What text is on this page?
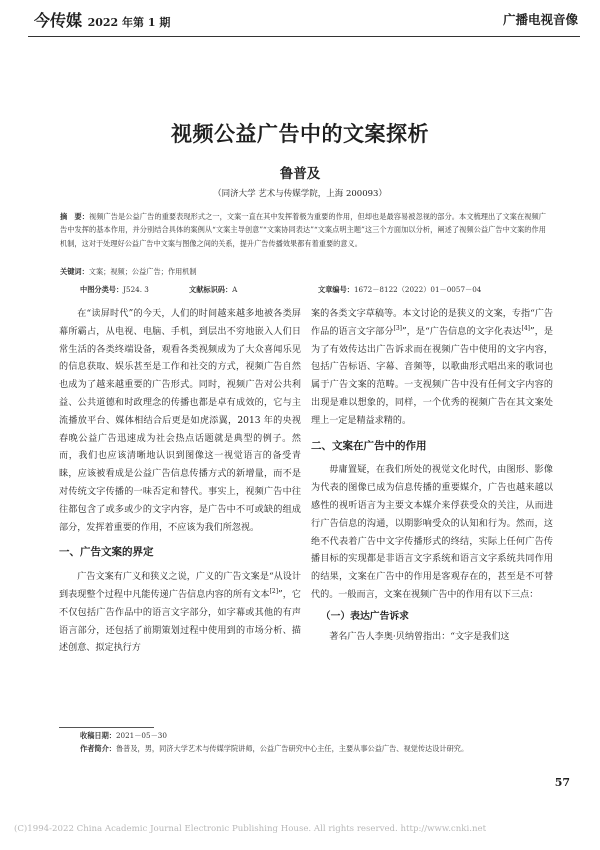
今传媒 2022 年第 1 期	广播电视音像
视频公益广告中的文案探析
鲁普及
（同济大学 艺术与传媒学院，上海 200093）
摘　要：视频广告是公益广告的重要表现形式之一，文案一直在其中发挥着极为重要的作用，但却也是最容易被忽视的部分。本文梳理出了文案在视频广告中发挥的基本作用，并分别结合具体的案例从“文案主导创意”“文案协同表达”“文案点明主题”这三个方面加以分析，阐述了视频公益广告中文案的作用机制，这对于处理好公益广告中文案与图像之间的关系，提升广告传播效果都有着重要的意义。
关键词：文案；视频；公益广告；作用机制
中图分类号：J524. 3	文献标识码：A	文章编号：1672－8122（2022）01－0057－04

在“读屏时代”的今天，人们的时间越来越多地被各类屏幕所霸占，从电视、电脑、手机，到层出不穷地嵌入人们日常生活的各类终端设备，观看各类视频成为了大众喜闻乐见的信息获取、娱乐甚至是工作和社交的方式，视频广告自然也成为了越来越重要的广告形式。同时，视频广告对公共利益、公共道德和时政理念的传播也都是卓有成效的，它与主流播放平台、媒体相结合后更是如虎添翼，2013 年的央视春晚公益广告迅速成为社会热点话题就是典型的例子。然而，我们也应该清晰地认识到图像这一视觉语言的备受青睐，应该被看成是公益广告信息传播方式的新增量，而不是对传统文字传播的一味否定和替代。事实上，视频广告中往往都包含了或多或少的文字内容，是广告中不可或缺的组成部分，发挥着重要的作用，不应该为我们所忽视。

一、广告文案的界定

广告文案有广义和狭义之说，广义的广告文案是“从设计到表现整个过程中凡能传递广告信息内容的所有文本[2]”，它不仅包括广告作品中的语言文字部分，如字幕或其他的有声语言部分，还包括了前期策划过程中使用到的市场分析、描述创意、拟定执行方

案的各类文字草稿等。本文讨论的是狭义的文案，专指“广告作品的语言文字部分[3]”，是“广告信息的文字化表达[4]”，是为了有效传达出广告诉求而在视频广告中使用的文字内容，包括广告标语、字幕、音频等，以歌曲形式唱出来的歌词也属于广告文案的范畴。一支视频广告中没有任何文字内容的出现是难以想象的，同样，一个优秀的视频广告在其文案处理上一定是精益求精的。

二、文案在广告中的作用

毋庸置疑，在我们所处的视觉文化时代，由图形、影像为代表的图像已成为信息传播的重要媒介，广告也越来越以感性的视听语言为主要文本媒介来俘获受众的关注，从而进行广告信息的沟通，以期影响受众的认知和行为。然而，这绝不代表着广告中文字传播形式的终结，实际上任何广告传播目标的实现都是非语言文字系统和语言文字系统共同作用的结果，文案在广告中的作用是客观存在的，甚至是不可替代的。一般而言，文案在视频广告中的作用有以下三点：

（一）表达广告诉求

著名广告人李奥·贝纳曾指出：“文字是我们这

收稿日期：2021－05－30
作者简介：鲁普及，男，同济大学艺术与传媒学院讲师，公益广告研究中心主任，主要从事公益广告、视觉传达设计研究。
57
(C)1994-2022 China Academic Journal Electronic Publishing House. All rights reserved. http://www.cnki.net
